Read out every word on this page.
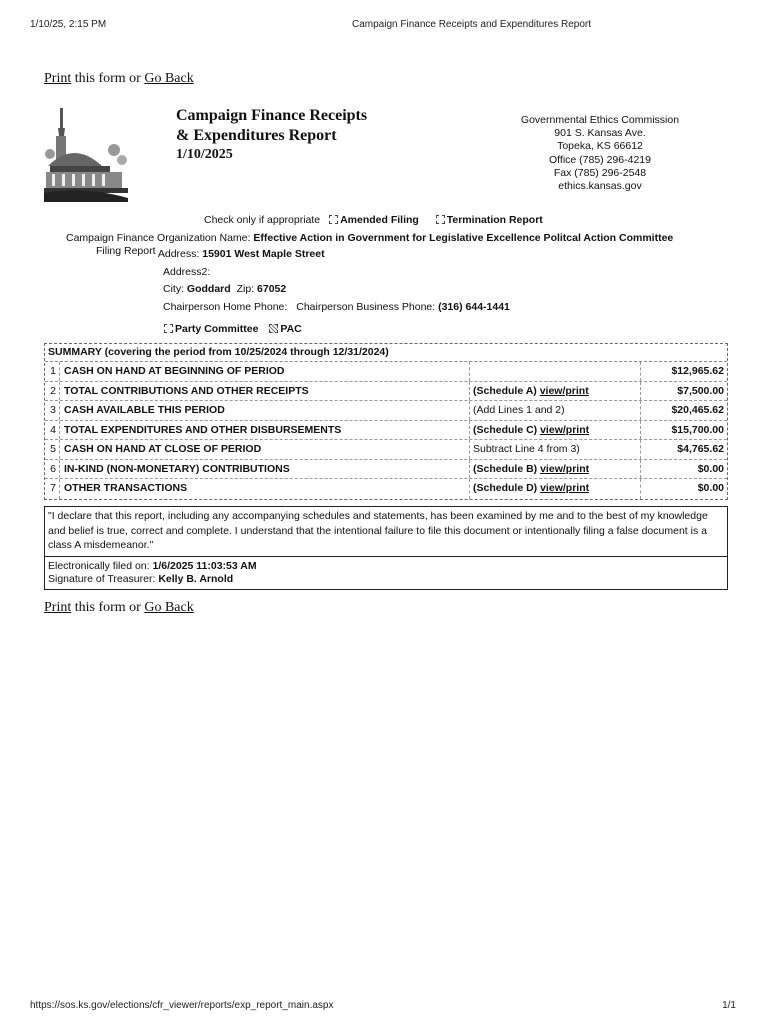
1/10/25, 2:15 PM	Campaign Finance Receipts and Expenditures Report
Print this form or Go Back
Campaign Finance Receipts
& Expenditures Report
1/10/2025
Governmental Ethics Commission
901 S. Kansas Ave.
Topeka, KS 66612
Office (785) 296-4219
Fax (785) 296-2548
ethics.kansas.gov
Check only if appropriate Amended Filing	Termination Report
Campaign Finance Organization Name: Effective Action in Government for Legislative Excellence Politcal Action Committee
Filing Report Address: 15901 West Maple Street
Address2:
City: Goddard Zip: 67052
Chairperson Home Phone: Chairperson Business Phone: (316) 644-1441
Party Committee PAC
SUMMARY (covering the period from 10/25/2024 through 12/31/2024)
1 CASH ON HAND AT BEGINNING OF PERIOD	$12,965.62
2 TOTAL CONTRIBUTIONS AND OTHER RECEIPTS	(Schedule A) view/print	$7,500.00
3 CASH AVAILABLE THIS PERIOD	(Add Lines 1 and 2)	$20,465.62
4 TOTAL EXPENDITURES AND OTHER DISBURSEMENTS	(Schedule C) view/print	$15,700.00
5 CASH ON HAND AT CLOSE OF PERIOD	Subtract Line 4 from 3)	$4,765.62
6 IN-KIND (NON-MONETARY) CONTRIBUTIONS	(Schedule B) view/print	$0.00
7 OTHER TRANSACTIONS	(Schedule D) view/print	$0.00
"I declare that this report, including any accompanying schedules and statements, has been examined by me and to the best of my knowledge and belief is true, correct and complete. I understand that the intentional failure to file this document or intentionally filing a false document is a class A misdemeanor."
Electronically filed on: 1/6/2025 11:03:53 AM
Signature of Treasurer: Kelly B. Arnold
Print this form or Go Back
https://sos.ks.gov/elections/cfr_viewer/reports/exp_report_main.aspx	1/1
